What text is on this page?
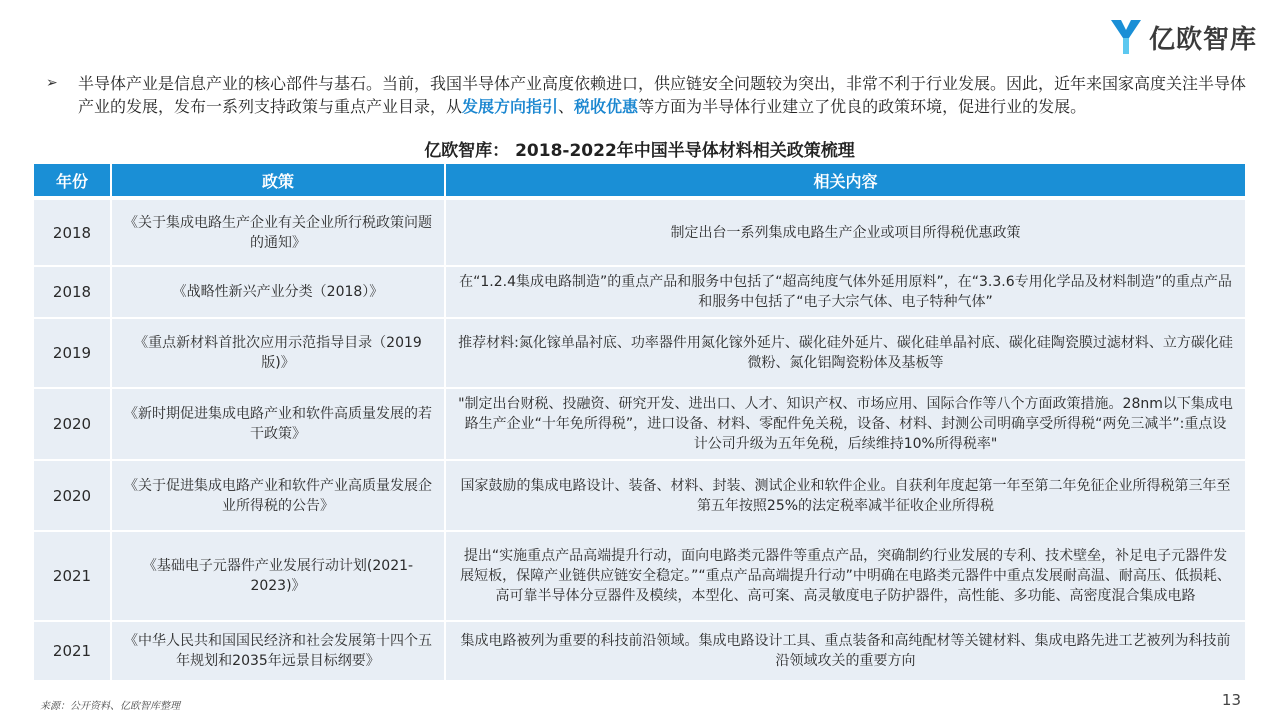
亿欧智库
➢ 半导体产业是信息产业的核心部件与基石。当前，我国半导体产业高度依赖进口，供应链安全问题较为突出，非常不利于行业发展。因此，近年来国家高度关注半导体产业的发展，发布一系列支持政策与重点产业目录，从发展方向指引、税收优惠等方面为半导体行业建立了优良的政策环境，促进行业的发展。
亿欧智库： 2018-2022年中国半导体材料相关政策梳理
年份	政策	相关内容
2018	《关于集成电路生产企业有关企业所行税政策问题的通知》	制定出台一系列集成电路生产企业或项目所得税优惠政策
2018	《战略性新兴产业分类（2018）》	在“1.2.4集成电路制造”的重点产品和服务中包括了“超高纯度气体外延用原料”，在“3.3.6专用化学品及材料制造”的重点产品和服务中包括了“电子大宗气体、电子特种气体”
2019	《重点新材料首批次应用示范指导目录（2019版)》	推荐材料:氮化镓单晶衬底、功率器件用氮化镓外延片、碳化硅外延片、碳化硅单晶衬底、碳化硅陶瓷膜过滤材料、立方碳化硅微粉、氮化铝陶瓷粉体及基板等
2020	《新时期促进集成电路产业和软件高质量发展的若干政策》	"制定出台财税、投融资、研究开发、进出口、人才、知识产权、市场应用、国际合作等八个方面政策措施。28nm以下集成电路生产企业“十年免所得税”，进口设备、材料、零配件免关税，设备、材料、封测公司明确享受所得税“两免三减半”:重点设计公司升级为五年免税，后续维持10%所得税率"
2020	《关于促进集成电路产业和软件产业高质量发展企业所得税的公告》	国家鼓励的集成电路设计、装备、材料、封装、测试企业和软件企业。自获利年度起第一年至第二年免征企业所得税第三年至第五年按照25%的法定税率减半征收企业所得税
2021	《基础电子元器件产业发展行动计划(2021-2023)》	提出“实施重点产品高端提升行动，面向电路类元器件等重点产品，突确制约行业发展的专利、技术壁垒，补足电子元器件发展短板，保障产业链供应链安全稳定。”“重点产品高端提升行动”中明确在电路类元器件中重点发展耐高温、耐高压、低损耗、高可靠半导体分豆器件及模续，本型化、高可案、高灵敏度电子防护器件，高性能、多功能、高密度混合集成电路
2021	《中华人民共和国国民经济和社会发展第十四个五年规划和2035年远景目标纲要》	集成电路被列为重要的科技前沿领域。集成电路设计工具、重点装备和高纯配材等关键材料、集成电路先进工艺被列为科技前沿领域攻关的重要方向
来源：公开资料、亿欧智库整理	13
